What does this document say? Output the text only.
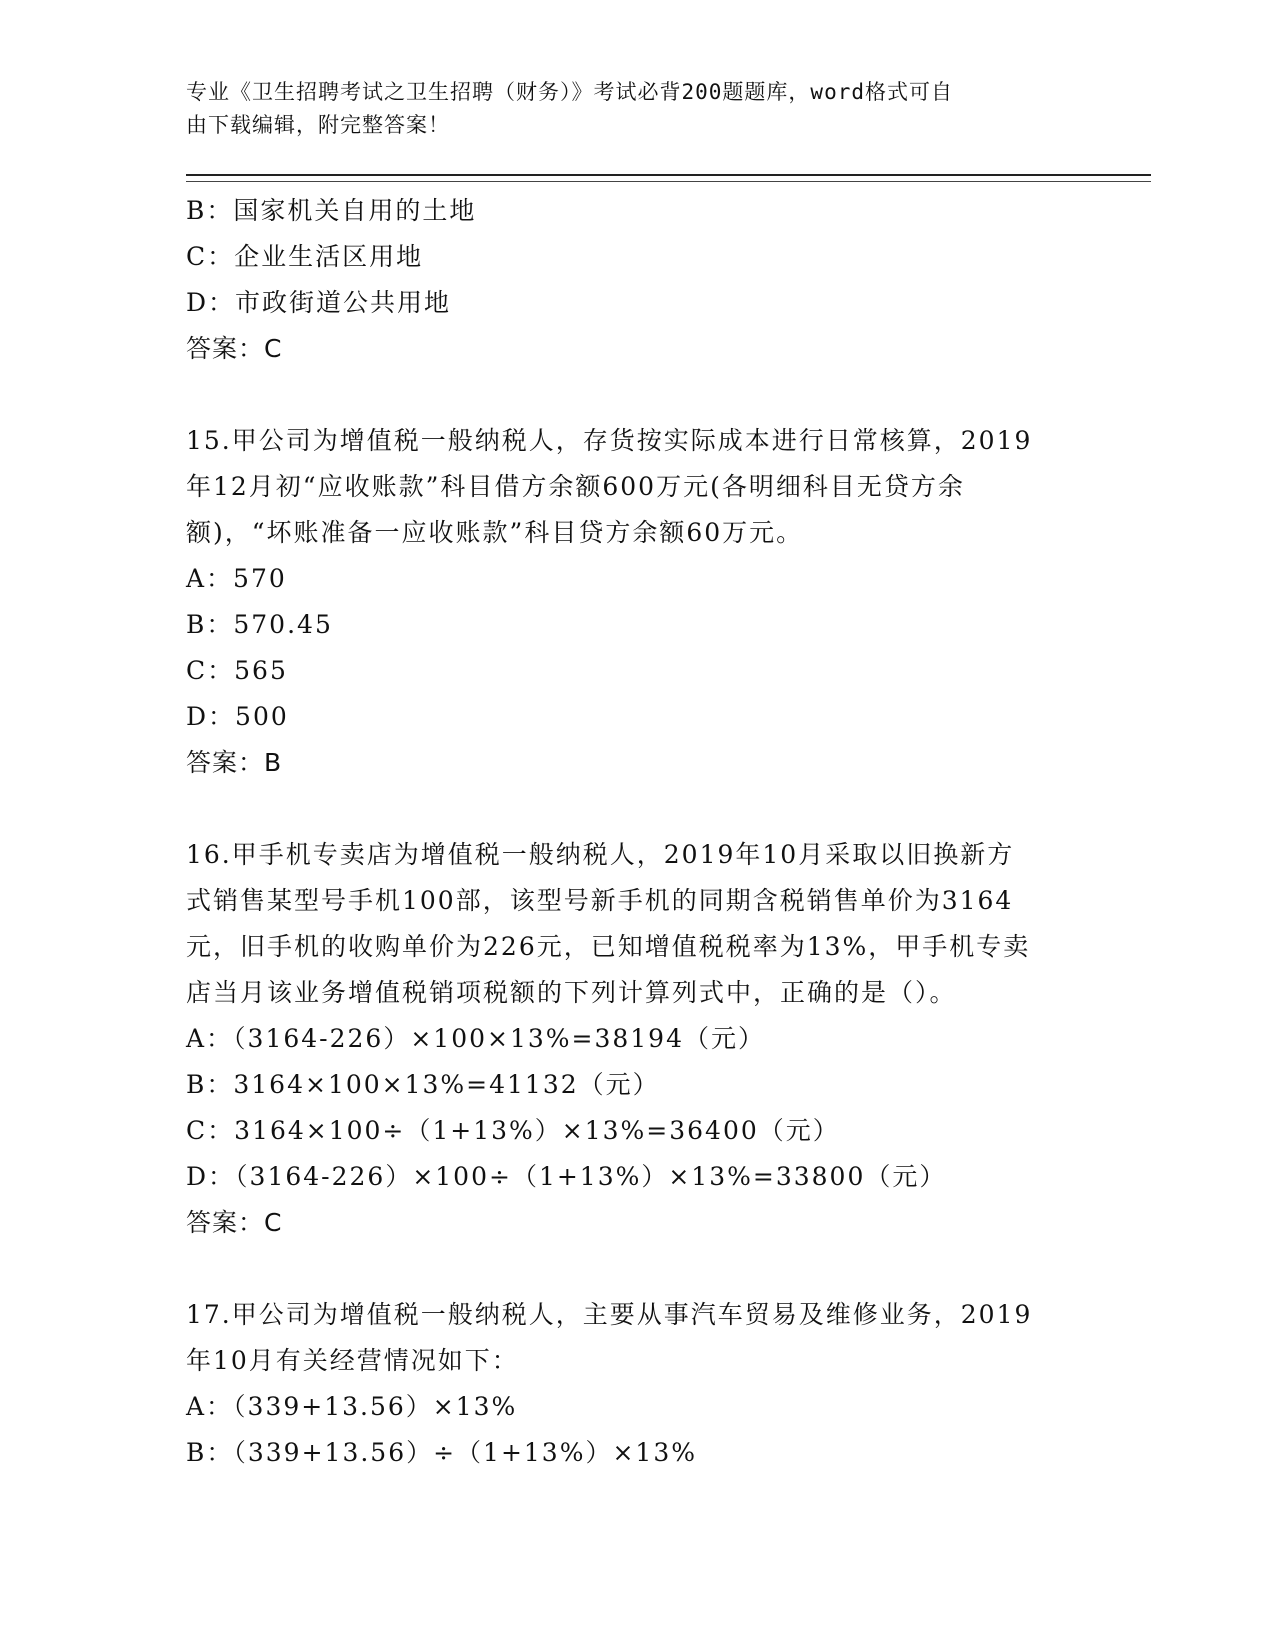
专业《卫生招聘考试之卫生招聘（财务）》考试必背200题题库，word格式可自
由下载编辑，附完整答案！
B：国家机关自用的土地
C：企业生活区用地
D：市政街道公共用地
答案：C
15.甲公司为增值税一般纳税人，存货按实际成本进行日常核算，2019
年12月初“应收账款”科目借方余额600万元(各明细科目无贷方余
额)，“坏账准备一应收账款”科目贷方余额60万元。
A：570
B：570.45
C：565
D：500
答案：B
16.甲手机专卖店为增值税一般纳税人，2019年10月采取以旧换新方
式销售某型号手机100部，该型号新手机的同期含税销售单价为3164
元，旧手机的收购单价为226元，已知增值税税率为13%，甲手机专卖
店当月该业务增值税销项税额的下列计算列式中，正确的是（）。
A：（3164-226）×100×13%=38194（元）
B：3164×100×13%=41132（元）
C：3164×100÷（1+13%）×13%=36400（元）
D：（3164-226）×100÷（1+13%）×13%=33800（元）
答案：C
17.甲公司为增值税一般纳税人，主要从事汽车贸易及维修业务，2019
年10月有关经营情况如下：
A：（339+13.56）×13%
B：（339+13.56）÷（1+13%）×13%
